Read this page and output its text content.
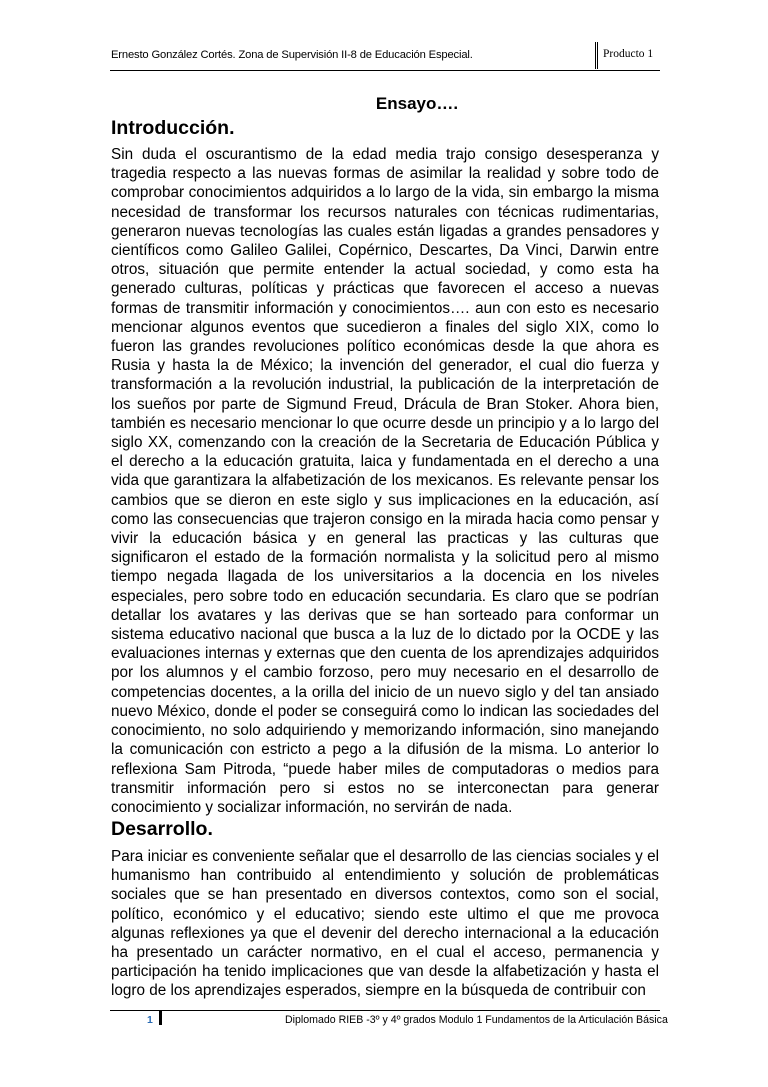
Ernesto González Cortés. Zona de Supervisión II-8 de Educación Especial.	Producto 1
Ensayo….
Introducción.

Sin duda el oscurantismo de la edad media trajo consigo desesperanza y tragedia respecto a las nuevas formas de asimilar la realidad y sobre todo de comprobar conocimientos adquiridos a lo largo de la vida, sin embargo la misma necesidad de transformar los recursos naturales con técnicas rudimentarias, generaron nuevas tecnologías las cuales están ligadas a grandes pensadores y científicos como Galileo Galilei, Copérnico, Descartes, Da Vinci, Darwin entre otros, situación que permite entender la actual sociedad, y como esta ha generado culturas, políticas y prácticas que favorecen el acceso a nuevas formas de transmitir información y conocimientos…. aun con esto es necesario mencionar algunos eventos que sucedieron a finales del siglo XIX, como lo fueron las grandes revoluciones político económicas desde la que ahora es Rusia y hasta la de México; la invención del generador, el cual dio fuerza y transformación a la revolución industrial, la publicación de la interpretación de los sueños por parte de Sigmund Freud, Drácula de Bran Stoker. Ahora bien, también es necesario mencionar lo que ocurre desde un principio y a lo largo del siglo XX, comenzando con la creación de la Secretaria de Educación Pública y el derecho a la educación gratuita, laica y fundamentada en el derecho a una vida que garantizara la alfabetización de los mexicanos. Es relevante pensar los cambios que se dieron en este siglo y sus implicaciones en la educación, así como las consecuencias que trajeron consigo en la mirada hacia como pensar y vivir la educación básica y en general las practicas y las culturas que significaron el estado de la formación normalista y la solicitud pero al mismo tiempo negada llagada de los universitarios a la docencia en los niveles especiales, pero sobre todo en educación secundaria. Es claro que se podrían detallar los avatares y las derivas que se han sorteado para conformar un sistema educativo nacional que busca a la luz de lo dictado por la OCDE y las evaluaciones internas y externas que den cuenta de los aprendizajes adquiridos por los alumnos y el cambio forzoso, pero muy necesario en el desarrollo de competencias docentes, a la orilla del inicio de un nuevo siglo y del tan ansiado nuevo México, donde el poder se conseguirá como lo indican las sociedades del conocimiento, no solo adquiriendo y memorizando información, sino manejando la comunicación con estricto a pego a la difusión de la misma. Lo anterior lo reflexiona Sam Pitroda, “puede haber miles de computadoras o medios para transmitir información pero si estos no se interconectan para generar conocimiento y socializar información, no servirán de nada.

Desarrollo.

Para iniciar es conveniente señalar que el desarrollo de las ciencias sociales y el humanismo han contribuido al entendimiento y solución de problemáticas sociales que se han presentado en diversos contextos, como son el social, político, económico y el educativo; siendo este ultimo el que me provoca algunas reflexiones ya que el devenir del derecho internacional a la educación ha presentado un carácter normativo, en el cual el acceso, permanencia y participación ha tenido implicaciones que van desde la alfabetización y hasta el logro de los aprendizajes esperados, siempre en la búsqueda de contribuir con

1	Diplomado RIEB -3º y 4º grados Modulo 1 Fundamentos de la Articulación Básica
